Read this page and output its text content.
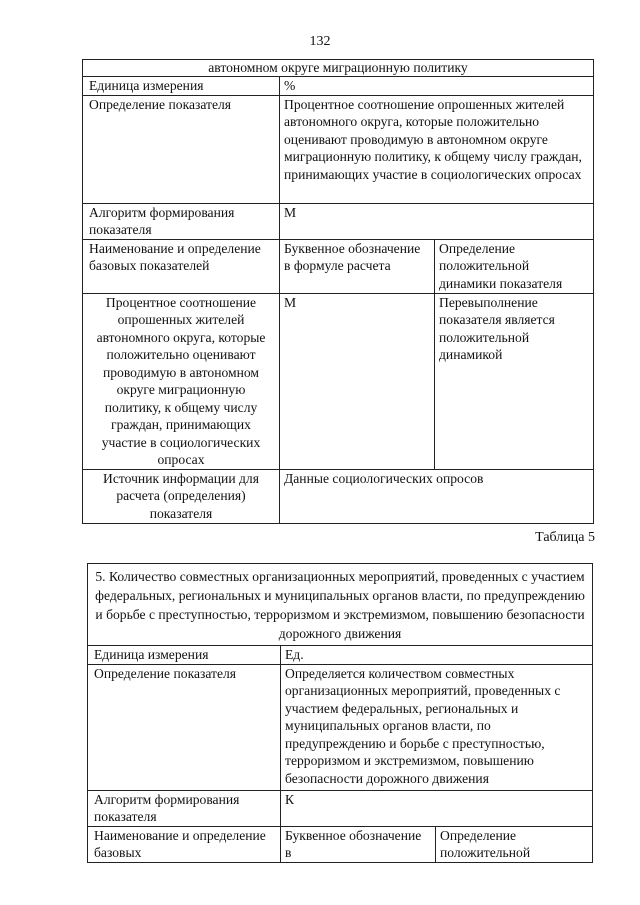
132
автономном округе миграционную политику		
Единица измерения	%	
Определение показателя	Процентное соотношение опрошенных жителей автономного округа, которые положительно оценивают проводимую в автономном округе миграционную политику, к общему числу граждан, принимающих участие в социологических опросах	
Алгоритм формирования показателя	М	
Наименование и определение базовых показателей	Буквенное обозначение в формуле расчета	Определение положительной динамики показателя
Процентное соотношение опрошенных жителей автономного округа, которые положительно оценивают проводимую в автономном округе миграционную политику, к общему числу граждан, принимающих участие в социологических опросах	М	Перевыполнение показателя является положительной динамикой
Источник информации для расчета (определения) показателя	Данные социологических опросов	
Таблица 5
5. Количество совместных организационных мероприятий, проведенных с участием федеральных, региональных и муниципальных органов власти, по предупреждению и борьбе с преступностью, терроризмом и экстремизмом, повышению безопасности дорожного движения		
Единица измерения	Ед.	
Определение показателя	Определяется количеством совместных организационных мероприятий, проведенных с участием федеральных, региональных и муниципальных органов власти, по предупреждению и борьбе с преступностью, терроризмом и экстремизмом, повышению безопасности дорожного движения	
Алгоритм формирования показателя	К	
Наименование и определение базовых	Буквенное обозначение в	Определение положительной
